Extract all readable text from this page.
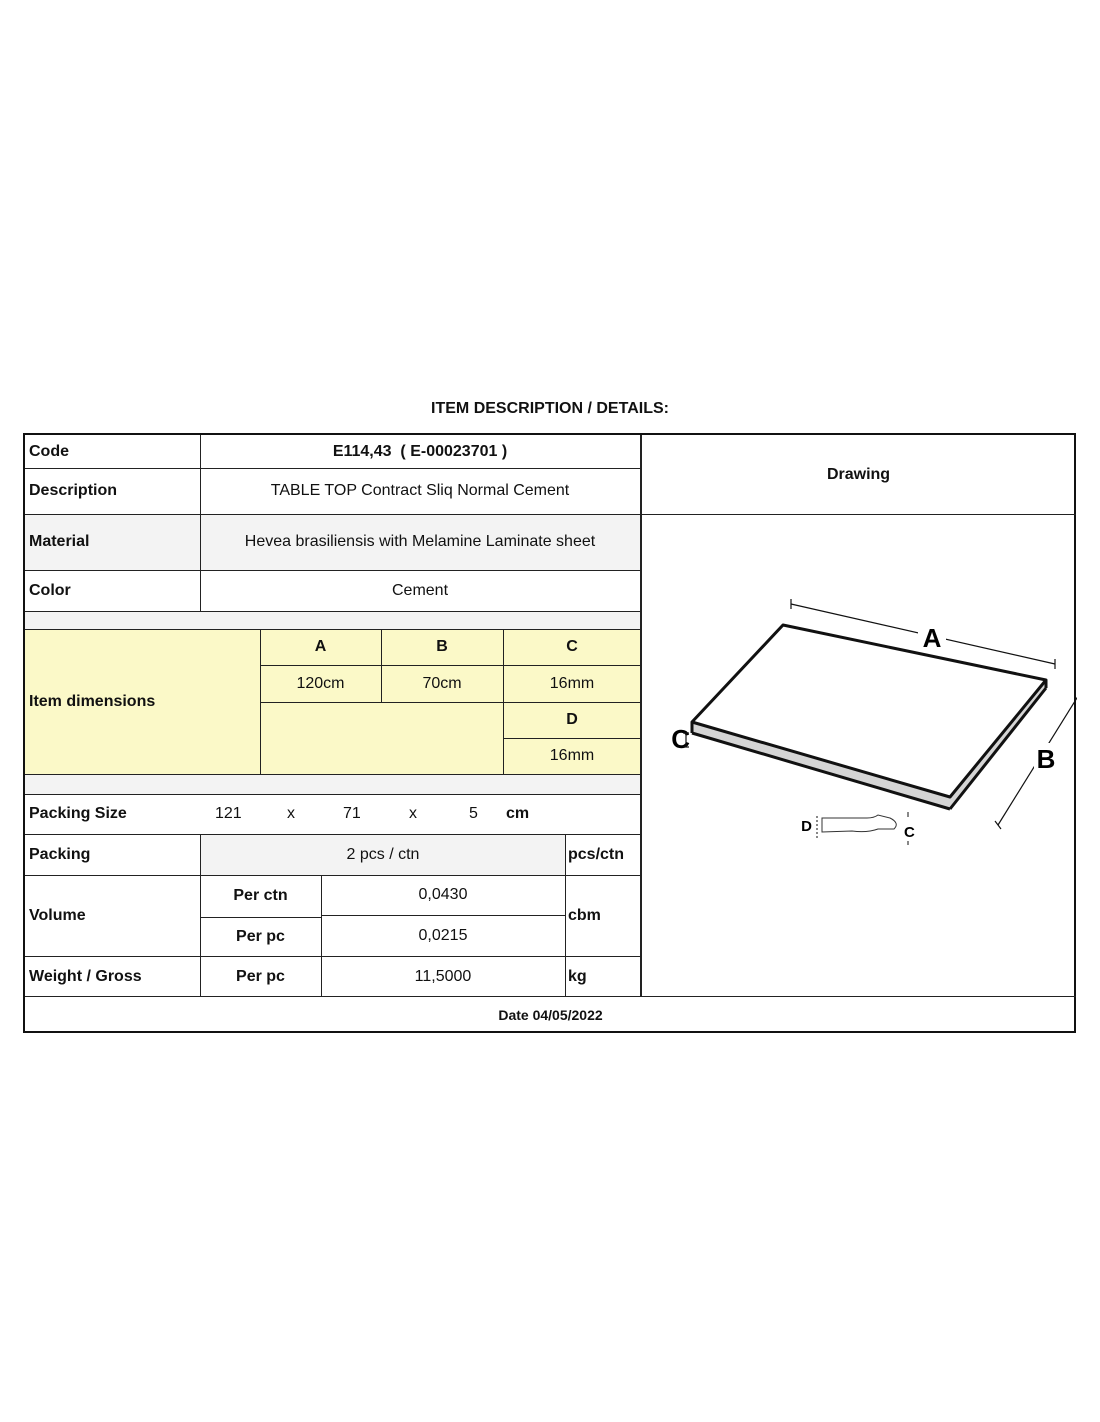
ITEM DESCRIPTION / DETAILS:
Code	E114,43  ( E-00023701 )
Description	TABLE TOP Contract Sliq Normal Cement
Drawing
Material	Hevea brasiliensis with Melamine Laminate sheet
Color	Cement
Item dimensions
A	B	C
120cm	70cm	16mm
D
16mm
Packing Size	121	x	71	x	5	cm
Packing	2 pcs / ctn	pcs/ctn
Volume
Per ctn	0,0430
Per pc	0,0215
cbm
Weight / Gross	Per pc	11,5000	kg
Date 04/05/2022
A
B
C
D	C
